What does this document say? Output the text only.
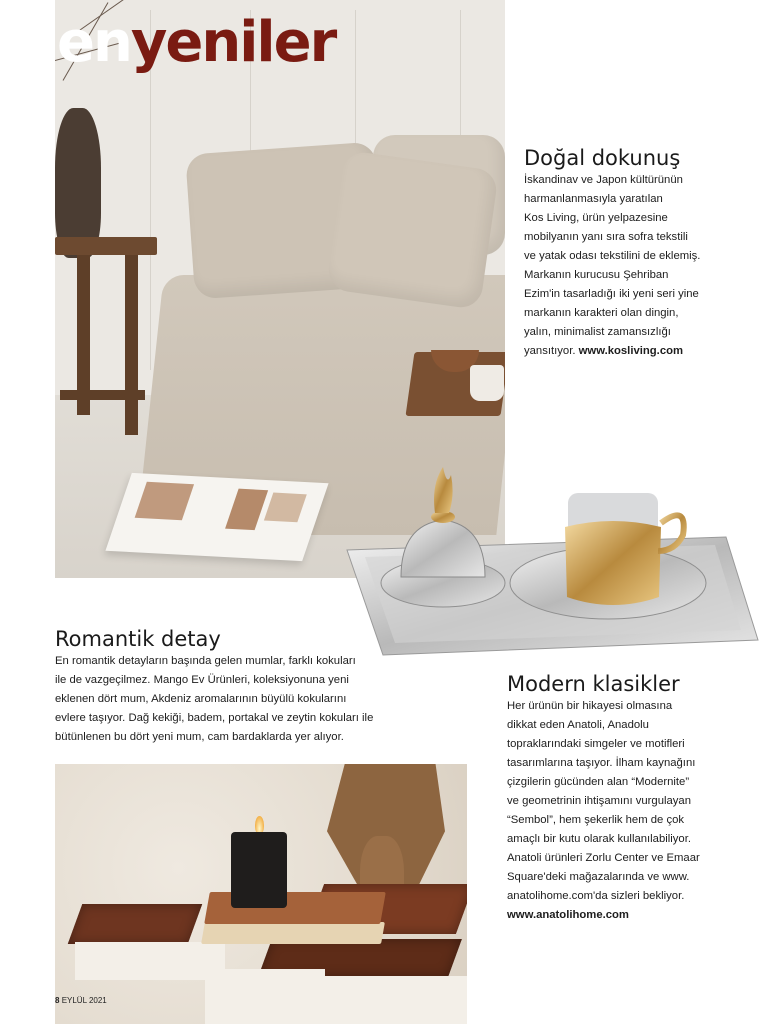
enyeniler
Doğal dokunuş
İskandinav ve Japon kültürünün
harmanlanmasıyla yaratılan
Kos Living, ürün yelpazesine
mobilyanın yanı sıra sofra tekstili
ve yatak odası tekstilini de eklemiş.
Markanın kurucusu Şehriban
Ezim'in tasarladığı iki yeni seri yine
markanın karakteri olan dingin,
yalın, minimalist zamansızlığı
yansıtıyor. www.kosliving.com
Romantik detay
En romantik detayların başında gelen mumlar, farklı kokuları
ile de vazgeçilmez. Mango Ev Ürünleri, koleksiyonuna yeni
eklenen dört mum, Akdeniz aromalarının büyülü kokularını
evlere taşıyor. Dağ kekiği, badem, portakal ve zeytin kokuları ile
bütünlenen bu dört yeni mum, cam bardaklarda yer alıyor.
Modern klasikler
Her ürünün bir hikayesi olmasına
dikkat eden Anatoli, Anadolu
topraklarındaki simgeler ve motifleri
tasarımlarına taşıyor. İlham kaynağını
çizgilerin gücünden alan “Modernite”
ve geometrinin ihtişamını vurgulayan
“Sembol”, hem şekerlik hem de çok
amaçlı bir kutu olarak kullanılabiliyor.
Anatoli ürünleri Zorlu Center ve Emaar
Square'deki mağazalarında ve www.
anatolihome.com'da sizleri bekliyor.
www.anatolihome.com
8 EYLÜL 2021
